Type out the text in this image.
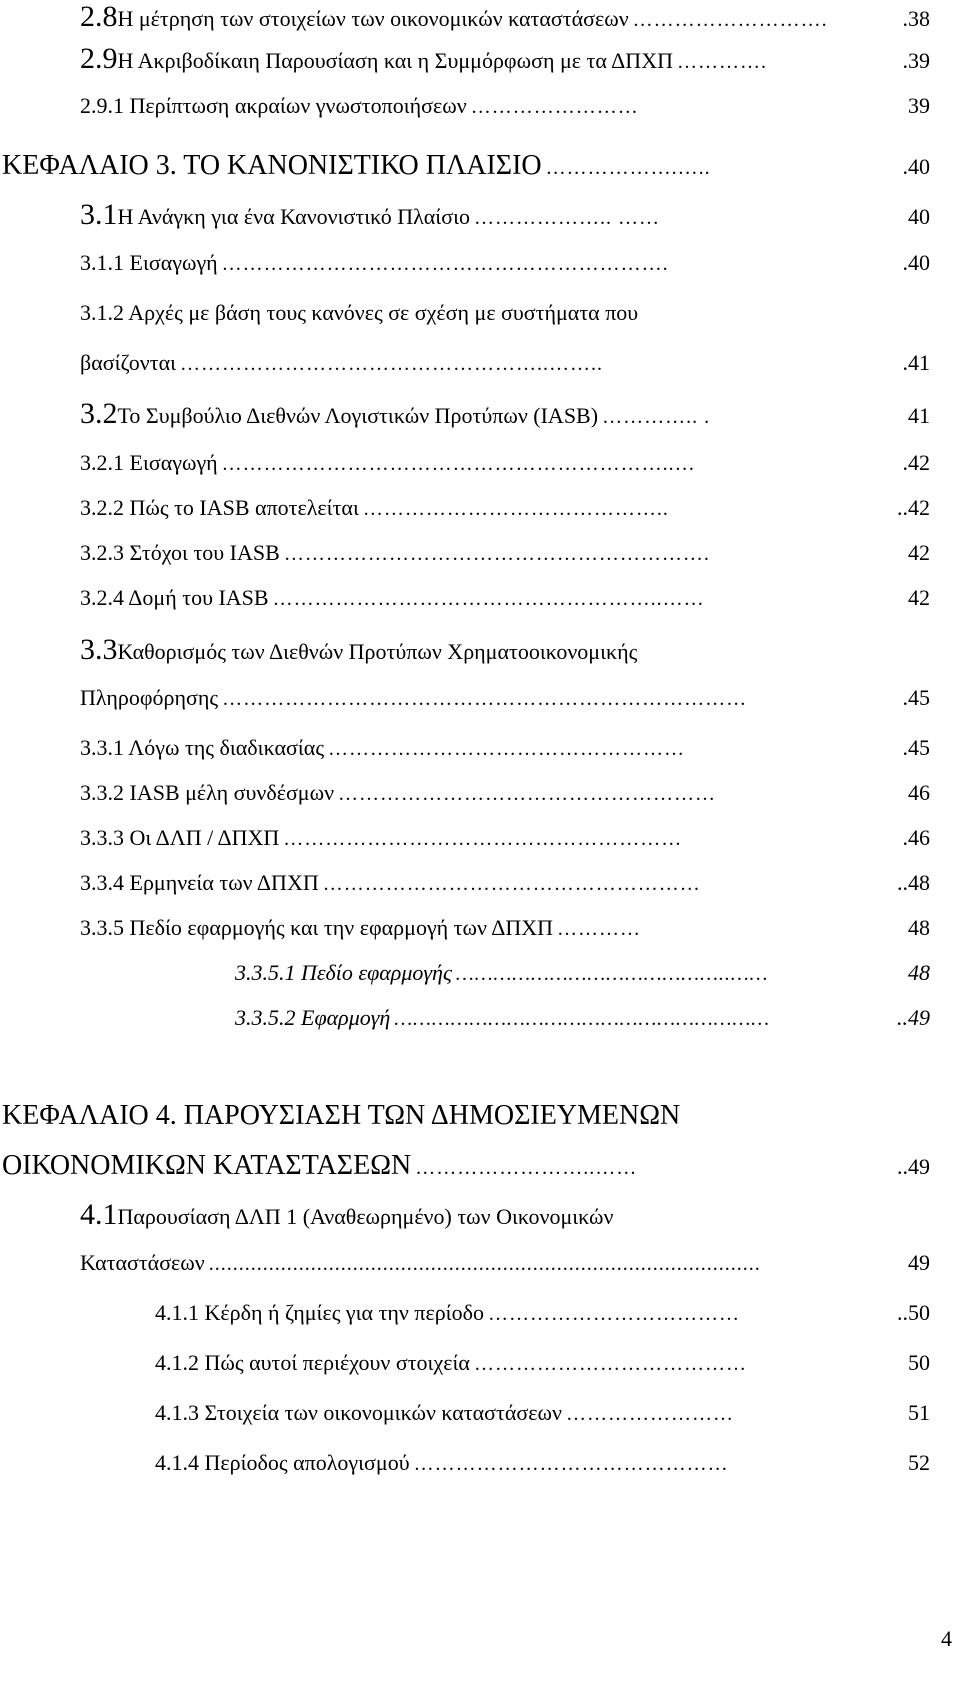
2.8 Η μέτρηση των στοιχείων των οικονομικών καταστάσεων ……………………….	.38
2.9 Η Ακριβοδίκαιη Παρουσίαση και η Συμμόρφωση με τα ΔΠΧΠ ………….	.39
2.9.1 Περίπτωση ακραίων γνωστοποιήσεων ……………………	39
ΚΕΦΑΛΑΙΟ 3. ΤΟ ΚΑΝΟΝΙΣΤΙΚΟ ΠΛΑΙΣΙΟ ……………….…..	.40
3.1 Η Ανάγκη για ένα Κανονιστικό Πλαίσιο ……………….. ……	40
3.1.1 Εισαγωγή ……………………………………………………….	.40
3.1.2 Αρχές με βάση τους κανόνες σε σχέση με συστήματα που
βασίζονται ……………………………………………..……..	.41
3.2 Το Συμβούλιο Διεθνών Λογιστικών Προτύπων (IASB) ………….. .	41
3.2.1 Εισαγωγή ………………………………………………………..…	.42
3.2.2 Πώς το IASB αποτελείται ……………………………………..	..42
3.2.3 Στόχοι του IASB …………………………………………………….	42
3.2.4 Δομή του IASB ………………………………………………..……	42
3.3 Καθορισμός των Διεθνών Προτύπων Χρηματοοικονομικής
Πληροφόρησης …………………………………………………………………	.45
3.3.1 Λόγω της διαδικασίας ……………………………………………	.45
3.3.2 IASB μέλη συνδέσμων ………………………………………………	46
3.3.3 Οι ΔΛΠ / ΔΠΧΠ …………………………………………………	.46
3.3.4 Ερμηνεία των ΔΠΧΠ ………………………………………………	..48
3.3.5 Πεδίο εφαρμογής και την εφαρμογή των ΔΠΧΠ …………	48
3.3.5.1 Πεδίο εφαρμογής ……………………………………..……	48
3.3.5.2 Εφαρμογή ……………………………………………………	..49
ΚΕΦΑΛΑΙΟ 4. ΠΑΡΟΥΣΙΑΣΗ ΤΩΝ ΔΗΜΟΣΙΕΥΜΕΝΩΝ
ΟΙΚΟΝΟΜΙΚΩΝ ΚΑΤΑΣΤΑΣΕΩΝ ……………………..……	..49
4.1 Παρουσίαση ΔΛΠ 1 (Αναθεωρημένο) των Οικονομικών
Καταστάσεων ............................................................................................	49
4.1.1 Κέρδη ή ζημίες για την περίοδο ………………………………	..50
4.1.2 Πώς αυτοί περιέχουν στοιχεία …………………………………	50
4.1.3 Στοιχεία των οικονομικών καταστάσεων ……………………	51
4.1.4 Περίοδος απολογισμού ………………………………………	52
4
